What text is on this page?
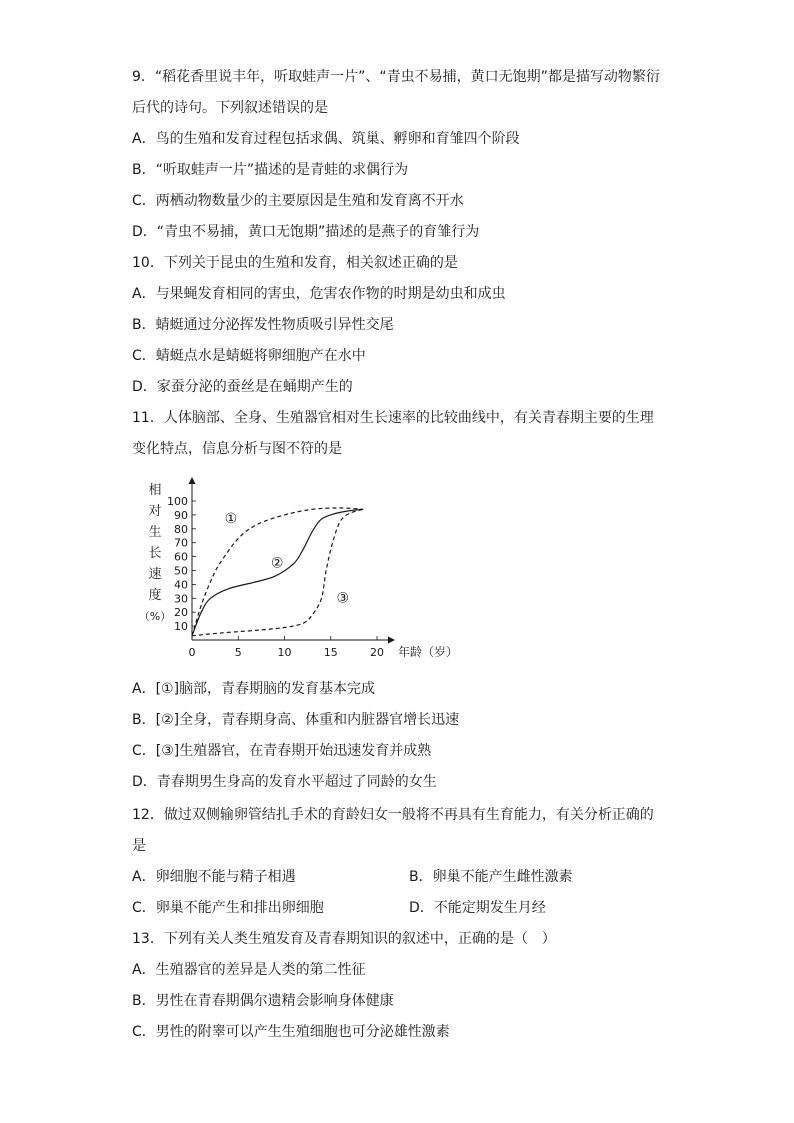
9．“稻花香里说丰年，听取蛙声一片”、“青虫不易捕，黄口无饱期”都是描写动物繁衍
后代的诗句。下列叙述错误的是
A．鸟的生殖和发育过程包括求偶、筑巢、孵卵和育雏四个阶段
B．“听取蛙声一片”描述的是青蛙的求偶行为
C．两栖动物数量少的主要原因是生殖和发育离不开水
D．“青虫不易捕，黄口无饱期”描述的是燕子的育雏行为
10．下列关于昆虫的生殖和发育，相关叙述正确的是
A．与果蝇发育相同的害虫，危害农作物的时期是幼虫和成虫
B．蜻蜓通过分泌挥发性物质吸引异性交尾
C．蜻蜓点水是蜻蜓将卵细胞产在水中
D．家蚕分泌的蚕丝是在蛹期产生的
11．人体脑部、全身、生殖器官相对生长速率的比较曲线中，有关青春期主要的生理
变化特点，信息分析与图不符的是
10
20
30
40
50
60
70
80
90
100
0	5	10	15	20 年龄（岁）
相
对
生
长
速
度
（%）
①
②
③
A．[①]脑部，青春期脑的发育基本完成
B．[②]全身，青春期身高、体重和内脏器官增长迅速
C．[③]生殖器官，在青春期开始迅速发育并成熟
D．青春期男生身高的发育水平超过了同龄的女生
12．做过双侧输卵管结扎手术的育龄妇女一般将不再具有生育能力，有关分析正确的
是
A．卵细胞不能与精子相遇	B．卵巢不能产生雌性激素
C．卵巢不能产生和排出卵细胞	D．不能定期发生月经
13．下列有关人类生殖发育及青春期知识的叙述中，正确的是（　）
A．生殖器官的差异是人类的第二性征
B．男性在青春期偶尔遗精会影响身体健康
C．男性的附睾可以产生生殖细胞也可分泌雄性激素
